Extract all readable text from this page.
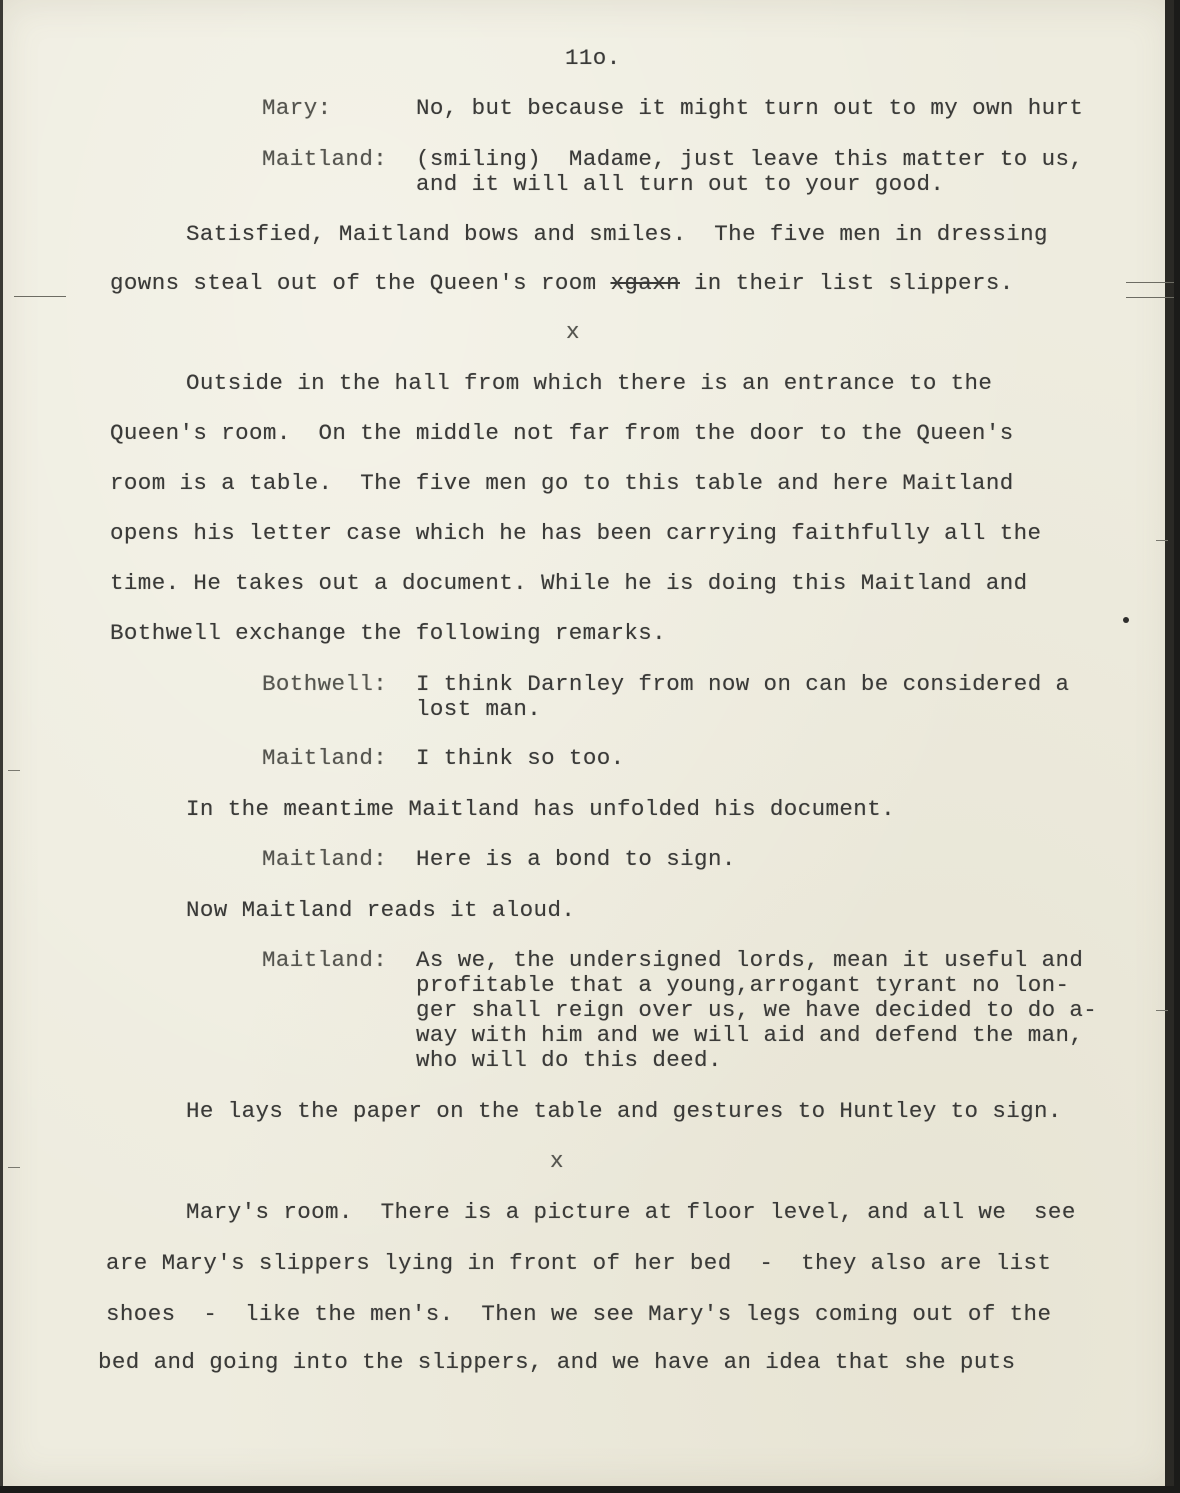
11o.
Mary:	No, but because it might turn out to my own hurt
Maitland: (smiling)  Madame, just leave this matter to us,
and it will all turn out to your good.
Satisfied, Maitland bows and smiles.  The five men in dressing
gowns steal out of the Queen's room xgaxn in their list slippers.
x
Outside in the hall from which there is an entrance to the
Queen's room.  On the middle not far from the door to the Queen's
room is a table.  The five men go to this table and here Maitland
opens his letter case which he has been carrying faithfully all the
time. He takes out a document. While he is doing this Maitland and
Bothwell exchange the following remarks.
Bothwell: I think Darnley from now on can be considered a
lost man.
Maitland: I think so too.
In the meantime Maitland has unfolded his document.
Maitland: Here is a bond to sign.
Now Maitland reads it aloud.
Maitland: As we, the undersigned lords, mean it useful and
profitable that a young,arrogant tyrant no lon-
ger shall reign over us, we have decided to do a-
way with him and we will aid and defend the man,
who will do this deed.
He lays the paper on the table and gestures to Huntley to sign.
x
Mary's room.  There is a picture at floor level, and all we  see
are Mary's slippers lying in front of her bed  -  they also are list
shoes  -  like the men's.  Then we see Mary's legs coming out of the
bed and going into the slippers, and we have an idea that she puts
